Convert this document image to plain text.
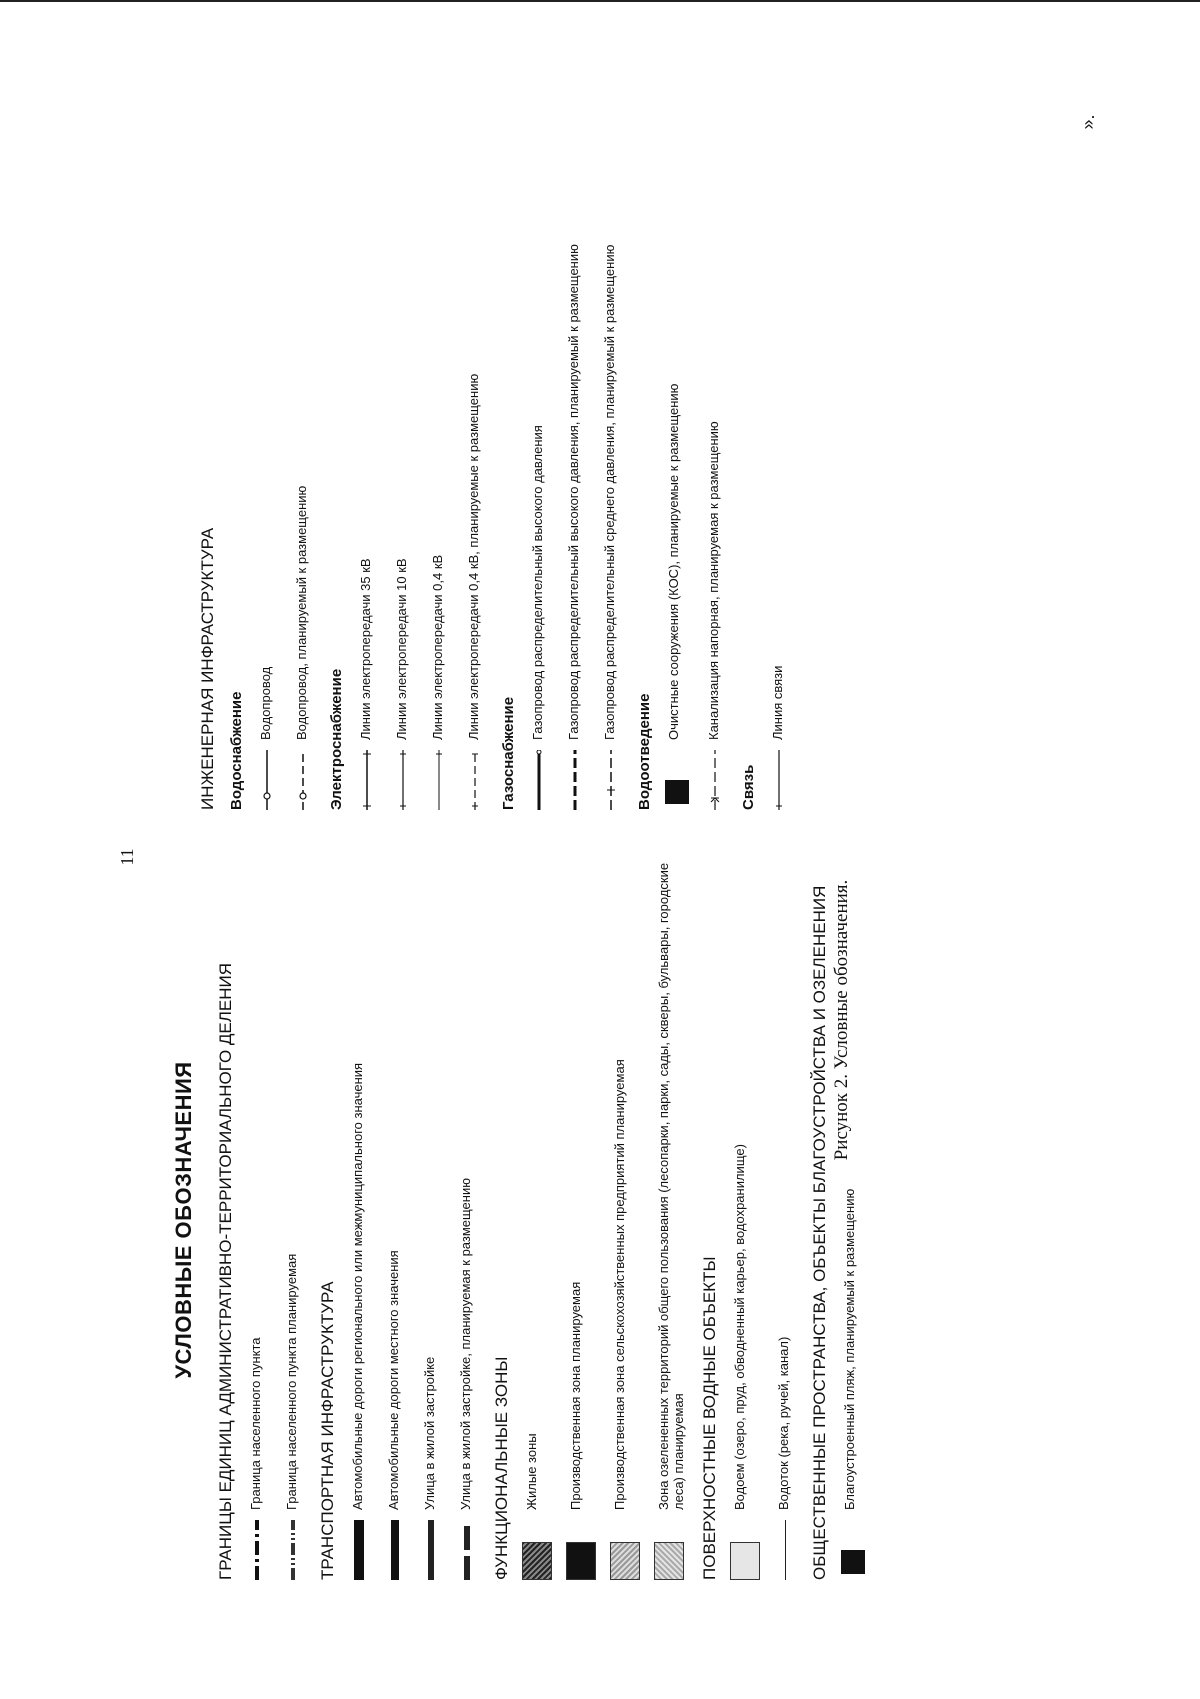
11
УСЛОВНЫЕ ОБОЗНАЧЕНИЯ ГРАНИЦЫ ЕДИНИЦ АДМИНИСТРАТИВНО-ТЕРРИТОРИАЛЬНОГО ДЕЛЕНИЯ Граница населенного пункта Граница населенного пункта планируемая ТРАНСПОРТНАЯ ИНФРАСТРУКТУРА Автомобильные дороги регионального или межмуниципального значения Автомобильные дороги местного значения Улица в жилой застройке Улица в жилой застройке, планируемая к размещению ФУНКЦИОНАЛЬНЫЕ ЗОНЫ Жилые зоны Производственная зона планируемая Производственная зона сельскохозяйственных предприятий планируемая Зона озелененных территорий общего пользования (лесопарки, парки, сады, скверы, бульвары, городские леса) планируемая ПОВЕРХНОСТНЫЕ ВОДНЫЕ ОБЪЕКТЫ Водоем (озеро, пруд, обводненный карьер, водохранилище) Водоток (река, ручей, канал) ОБЩЕСТВЕННЫЕ ПРОСТРАНСТВА, ОБЪЕКТЫ БЛАГОУСТРОЙСТВА И ОЗЕЛЕНЕНИЯ Благоустроенный пляж, планируемый к размещению
ИНЖЕНЕРНАЯ ИНФРАСТРУКТУРА Водоснабжение Водопровод Водопровод, планируемый к размещению Электроснабжение Линии электропередачи 35 кВ Линии электропередачи 10 кВ Линии электропередачи 0,4 кВ Линии электропередачи 0,4 кВ, планируемые к размещению
Газоснабжение
Газопровод распределительный высокого давления Газопровод распределительный высокого давления, планируемый к размещению Газопровод распределительный среднего давления, планируемый к размещению
Водоотведение
Очистные сооружения (КОС), планируемые к размещению Канализация напорная, планируемая к размещению
Связь
Линия связи
Рисунок 2. Условные обозначения.
».
